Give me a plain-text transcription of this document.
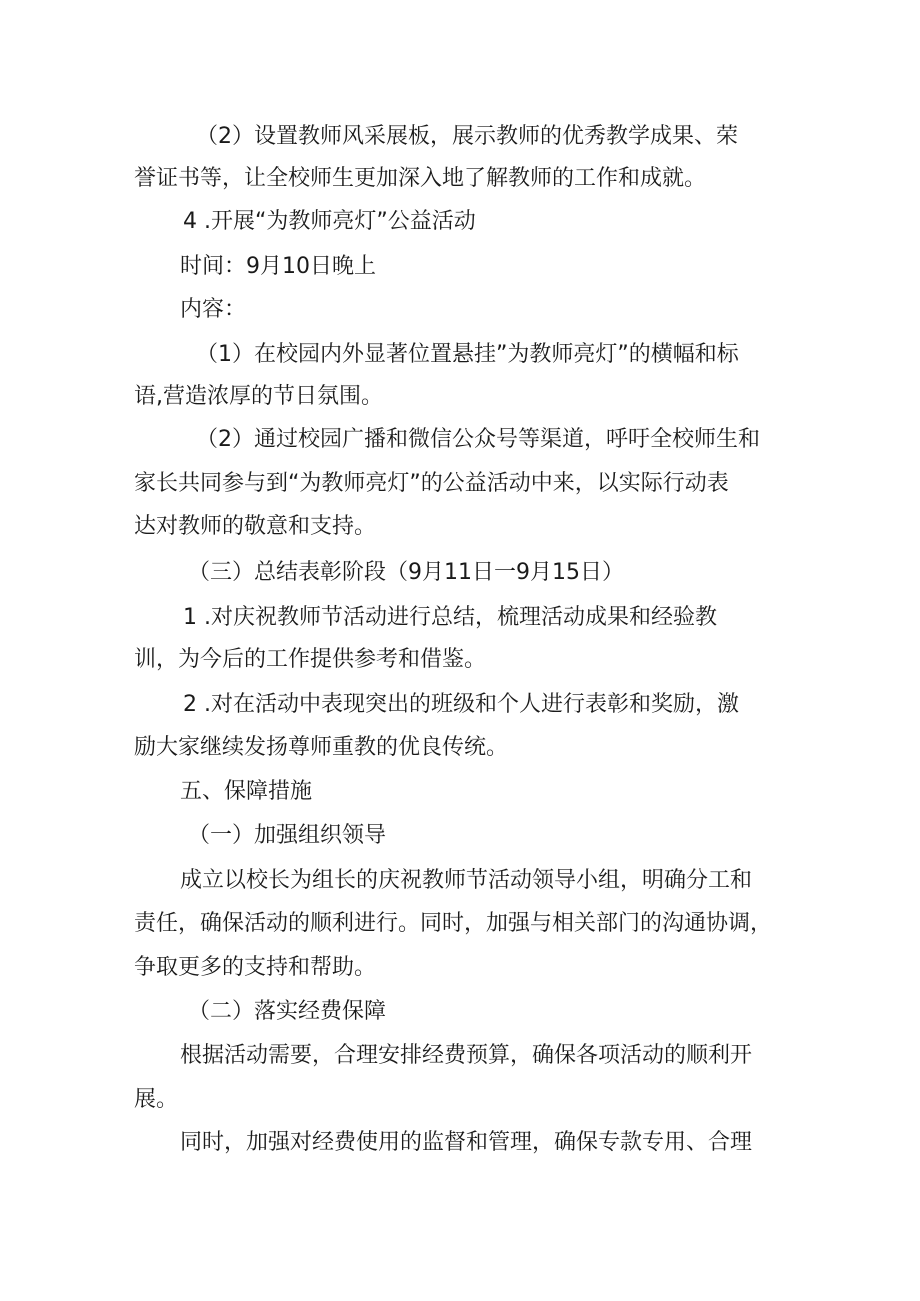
（2）设置教师风采展板，展示教师的优秀教学成果、荣

誉证书等，让全校师生更加深入地了解教师的工作和成就。

4 .开展“为教师亮灯”公益活动

时间：9月10日晚上

内容：

（1）在校园内外显著位置悬挂”为教师亮灯”的横幅和标

语,营造浓厚的节日氛围。

（2）通过校园广播和微信公众号等渠道，呼吁全校师生和

家长共同参与到“为教师亮灯”的公益活动中来，以实际行动表

达对教师的敬意和支持。

（三）总结表彰阶段（9月11日一9月15日）

1 .对庆祝教师节活动进行总结，梳理活动成果和经验教

训，为今后的工作提供参考和借鉴。

2 .对在活动中表现突出的班级和个人进行表彰和奖励，激

励大家继续发扬尊师重教的优良传统。

五、保障措施

（一）加强组织领导

成立以校长为组长的庆祝教师节活动领导小组，明确分工和

责任，确保活动的顺利进行。同时，加强与相关部门的沟通协调，

争取更多的支持和帮助。

（二）落实经费保障

根据活动需要，合理安排经费预算，确保各项活动的顺利开

展。

同时，加强对经费使用的监督和管理，确保专款专用、合理
